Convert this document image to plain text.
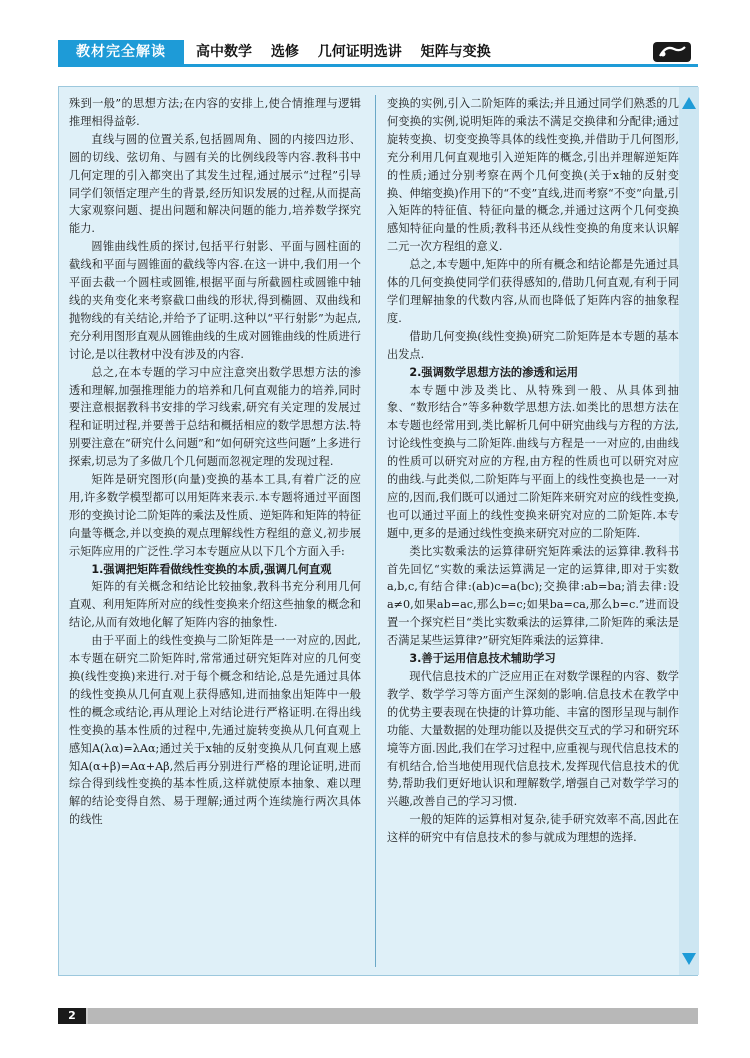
教材完全解读	高中数学 选修 几何证明选讲 矩阵与变换

殊到一般”的思想方法;在内容的安排上,使合情推理与逻辑推理相得益彰.

直线与圆的位置关系,包括圆周角、圆的内接四边形、圆的切线、弦切角、与圆有关的比例线段等内容.教科书中几何定理的引入都突出了其发生过程,通过展示“过程”引导同学们领悟定理产生的背景,经历知识发展的过程,从而提高大家观察问题、提出问题和解决问题的能力,培养数学探究能力.

圆锥曲线性质的探讨,包括平行射影、平面与圆柱面的截线和平面与圆锥面的截线等内容.在这一讲中,我们用一个平面去截一个圆柱或圆锥,根据平面与所截圆柱或圆锥中轴线的夹角变化来考察截口曲线的形状,得到椭圆、双曲线和抛物线的有关结论,并给予了证明.这种以“平行射影”为起点,充分利用图形直观从圆锥曲线的生成对圆锥曲线的性质进行讨论,是以往教材中没有涉及的内容.

总之,在本专题的学习中应注意突出数学思想方法的渗透和理解,加强推理能力的培养和几何直观能力的培养,同时要注意根据教科书安排的学习线索,研究有关定理的发展过程和证明过程,并要善于总结和概括相应的数学思想方法.特别要注意在“研究什么问题”和“如何研究这些问题”上多进行探索,切忌为了多做几个几何题而忽视定理的发现过程.

矩阵是研究图形(向量)变换的基本工具,有着广泛的应用,许多数学模型都可以用矩阵来表示.本专题将通过平面图形的变换讨论二阶矩阵的乘法及性质、逆矩阵和矩阵的特征向量等概念,并以变换的观点理解线性方程组的意义,初步展示矩阵应用的广泛性.学习本专题应从以下几个方面入手:

1.强调把矩阵看做线性变换的本质,强调几何直观

矩阵的有关概念和结论比较抽象,教科书充分利用几何直观、利用矩阵所对应的线性变换来介绍这些抽象的概念和结论,从而有效地化解了矩阵内容的抽象性.

由于平面上的线性变换与二阶矩阵是一一对应的,因此,本专题在研究二阶矩阵时,常常通过研究矩阵对应的几何变换(线性变换)来进行.对于每个概念和结论,总是先通过具体的线性变换从几何直观上获得感知,进而抽象出矩阵中一般性的概念或结论,再从理论上对结论进行严格证明.在得出线性变换的基本性质的过程中,先通过旋转变换从几何直观上感知A(λα)=λAα;通过关于x轴的反射变换从几何直观上感知A(α+β)=Aα+Aβ,然后再分别进行严格的理论证明,进而综合得到线性变换的基本性质,这样就使原本抽象、难以理解的结论变得自然、易于理解;通过两个连续施行两次具体的线性

变换的实例,引入二阶矩阵的乘法;并且通过同学们熟悉的几何变换的实例,说明矩阵的乘法不满足交换律和分配律;通过旋转变换、切变变换等具体的线性变换,并借助于几何图形,充分利用几何直观地引入逆矩阵的概念,引出并理解逆矩阵的性质;通过分别考察在两个几何变换(关于x轴的反射变换、伸缩变换)作用下的“不变”直线,进而考察“不变”向量,引入矩阵的特征值、特征向量的概念,并通过这两个几何变换感知特征向量的性质;教科书还从线性变换的角度来认识解二元一次方程组的意义.

总之,本专题中,矩阵中的所有概念和结论都是先通过具体的几何变换使同学们获得感知的,借助几何直观,有利于同学们理解抽象的代数内容,从而也降低了矩阵内容的抽象程度.

借助几何变换(线性变换)研究二阶矩阵是本专题的基本出发点.

2.强调数学思想方法的渗透和运用

本专题中涉及类比、从特殊到一般、从具体到抽象、“数形结合”等多种数学思想方法.如类比的思想方法在本专题也经常用到,类比解析几何中研究曲线与方程的方法,讨论线性变换与二阶矩阵.曲线与方程是一一对应的,由曲线的性质可以研究对应的方程,由方程的性质也可以研究对应的曲线.与此类似,二阶矩阵与平面上的线性变换也是一一对应的,因而,我们既可以通过二阶矩阵来研究对应的线性变换,也可以通过平面上的线性变换来研究对应的二阶矩阵.本专题中,更多的是通过线性变换来研究对应的二阶矩阵.

类比实数乘法的运算律研究矩阵乘法的运算律.教科书首先回忆“实数的乘法运算满足一定的运算律,即对于实数a,b,c,有结合律:(ab)c=a(bc);交换律:ab=ba;消去律:设a≠0,如果ab=ac,那么b=c;如果ba=ca,那么b=c.”进而设置一个探究栏目“类比实数乘法的运算律,二阶矩阵的乘法是否满足某些运算律?”研究矩阵乘法的运算律.

3.善于运用信息技术辅助学习

现代信息技术的广泛应用正在对数学课程的内容、数学教学、数学学习等方面产生深刻的影响.信息技术在教学中的优势主要表现在快捷的计算功能、丰富的图形呈现与制作功能、大量数据的处理功能以及提供交互式的学习和研究环境等方面.因此,我们在学习过程中,应重视与现代信息技术的有机结合,恰当地使用现代信息技术,发挥现代信息技术的优势,帮助我们更好地认识和理解数学,增强自己对数学学习的兴趣,改善自己的学习习惯.

一般的矩阵的运算相对复杂,徒手研究效率不高,因此在这样的研究中有信息技术的参与就成为理想的选择.

2
